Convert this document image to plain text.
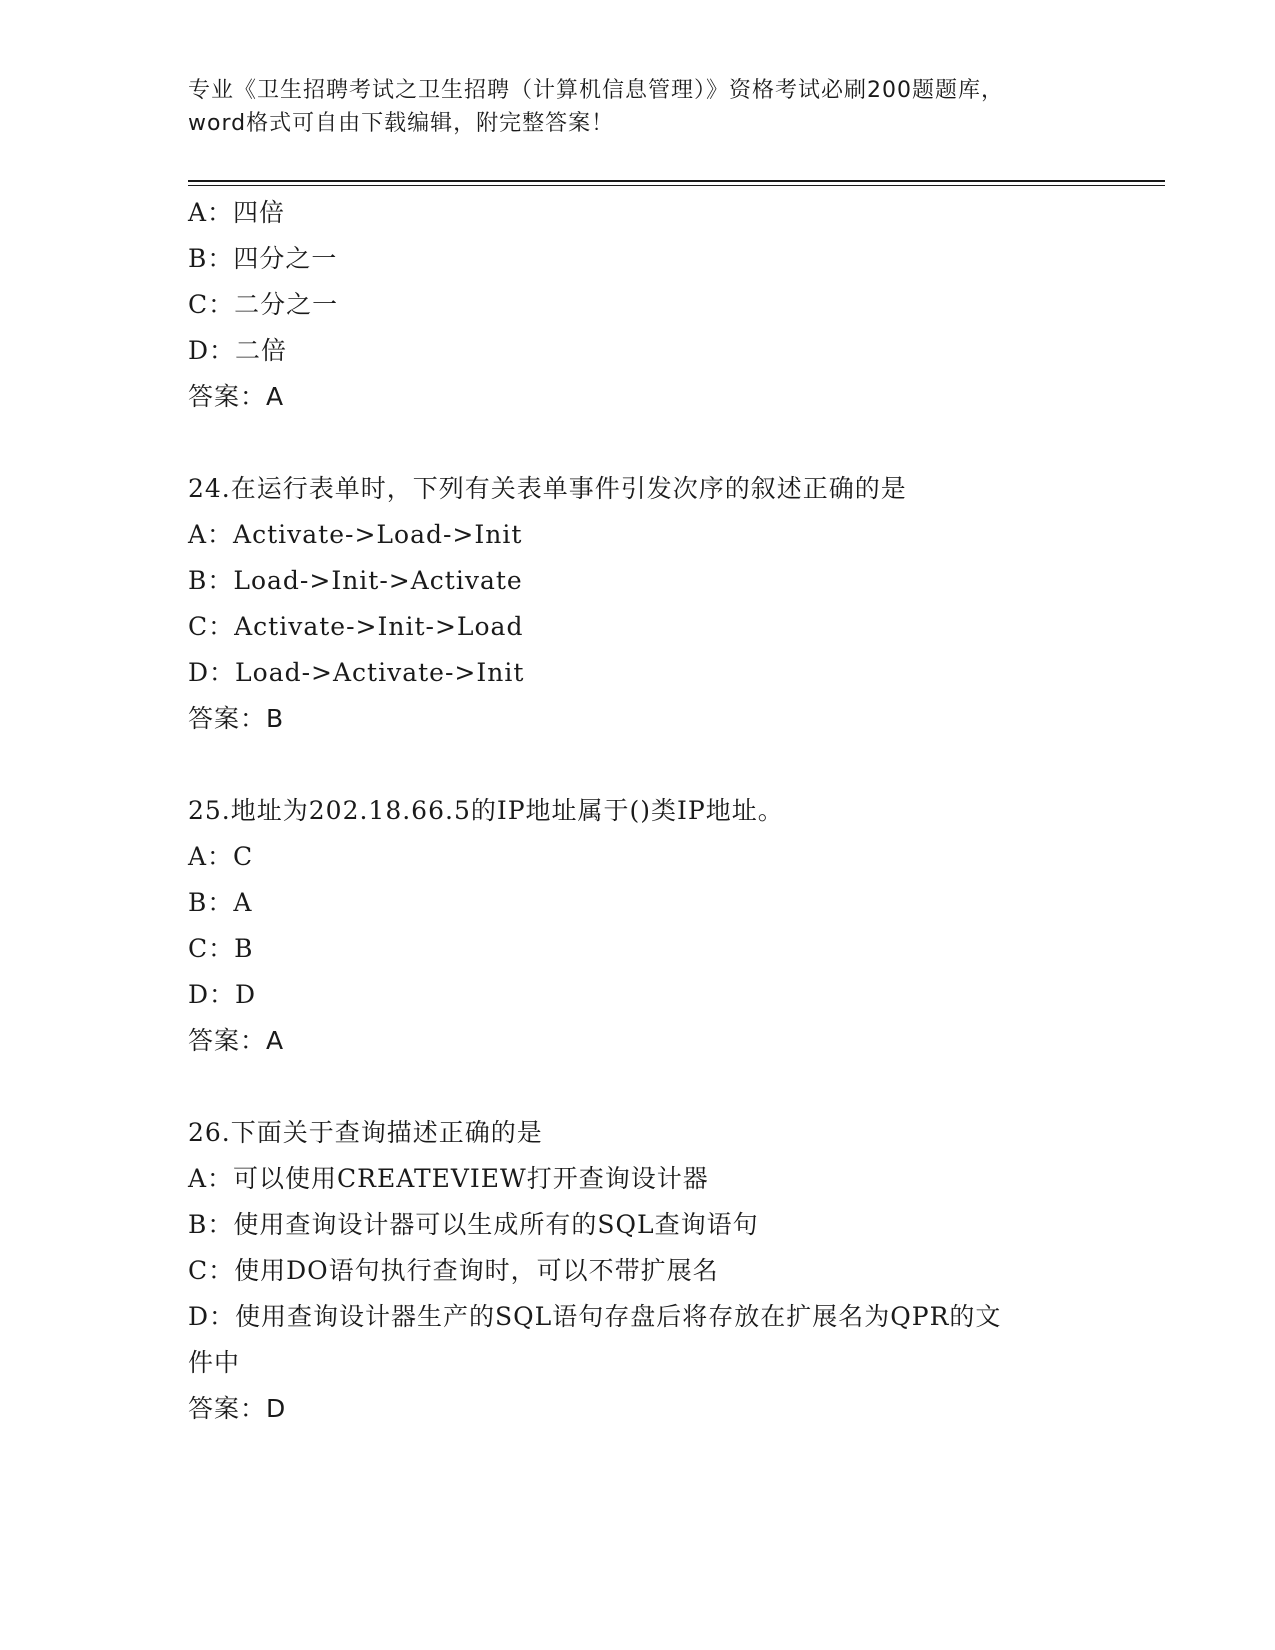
专业《卫生招聘考试之卫生招聘（计算机信息管理）》资格考试必刷200题题库，
word格式可自由下载编辑，附完整答案！
A：四倍
B：四分之一
C：二分之一
D：二倍
答案：A
24.在运行表单时，下列有关表单事件引发次序的叙述正确的是
A：Activate->Load->Init
B：Load->Init->Activate
C：Activate->Init->Load
D：Load->Activate->Init
答案：B
25.地址为202.18.66.5的IP地址属于()类IP地址。
A：C
B：A
C：B
D：D
答案：A
26.下面关于查询描述正确的是
A：可以使用CREATEVIEW打开查询设计器
B：使用查询设计器可以生成所有的SQL查询语句
C：使用DO语句执行查询时，可以不带扩展名
D：使用查询设计器生产的SQL语句存盘后将存放在扩展名为QPR的文
件中
答案：D
